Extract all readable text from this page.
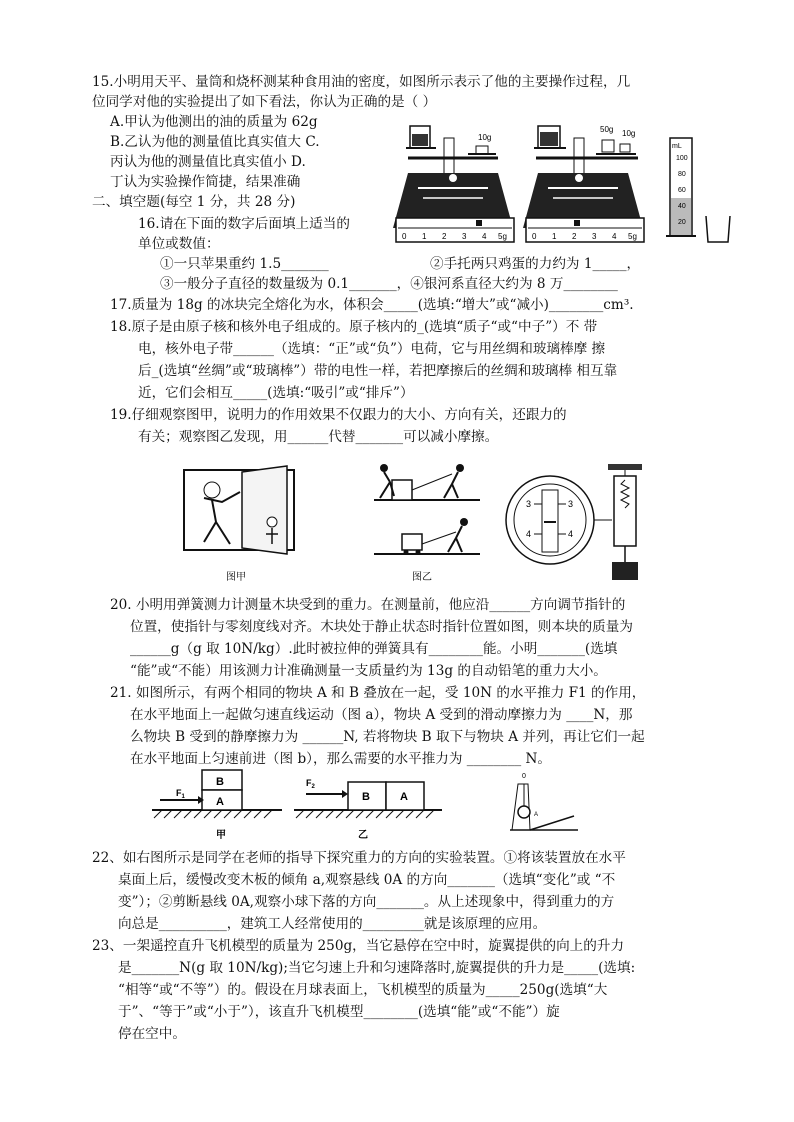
15.小明用天平、量筒和烧杯测某种食用油的密度，如图所示表示了他的主要操作过程，几
位同学对他的实验提出了如下看法，你认为正确的是（ ）
A.甲认为他测出的油的质量为 62g
B.乙认为他的测量值比真实值大 C.
丙认为他的测量值比真实值小 D.
丁认为实验操作简捷，结果准确
二、填空题(每空 1 分，共 28 分)
16.请在下面的数字后面填上适当的
单位或数值：
①一只苹果重约 1.5_______	②手托两只鸡蛋的力约为 1_____，
③一般分子直径的数量级为 0.1_______，④银河系直径大约为 8 万________
17.质量为 18g 的冰块完全熔化为水，体积会_____(选填:“增大”或“减小)________cm³.
18.原子是由原子核和核外电子组成的。原子核内的_(选填“质子“或“中子”）不 带
电，核外电子带______（选填：“正”或“负”）电荷，它与用丝绸和玻璃棒摩 擦
后_(选填“丝绸”或“玻璃棒”）带的电性一样，若把摩擦后的丝绸和玻璃棒 相互靠
近，它们会相互_____(选填:“吸引”或“排斥”）
19.仔细观察图甲，说明力的作用效果不仅跟力的大小、方向有关，还跟力的
有关；观察图乙发现，用______代替_______可以减小摩擦。
20. 小明用弹簧测力计测量木块受到的重力。在测量前，他应沿______方向调节指针的
位置，使指针与零刻度线对齐。木块处于静止状态时指针位置如图，则本块的质量为
______g（g 取 10N/kg）.此时被拉伸的弹簧具有________能。小明_______(选填
“能”或“不能）用该测力计准确测量一支质量约为 13g 的自动铅笔的重力大小。
21. 如图所示，有两个相同的物块 A 和 B 叠放在一起，受 10N 的水平推力 F1 的作用，
在水平地面上一起做匀速直线运动（图 a），物块 A 受到的滑动摩擦力为 ____N，那
么物块 B 受到的静摩擦力为 ______N, 若将物块 B 取下与物块 A 并列，再让它们一起
在水平地面上匀速前进（图 b），那么需要的水平推力为 ________ N。
22、如右图所示是同学在老师的指导下探究重力的方向的实验装置。①将该装置放在水平
桌面上后，缓慢改变木板的倾角 a,观察悬线 0A 的方向_______（选填“变化”或 “不
变”）；②剪断悬线 0A,观察小球下落的方向_______。从上述现象中，得到重力的方
向总是__________，建筑工人经常使用的_________就是该原理的应用。
23、一架遥控直升飞机模型的质量为 250g，当它悬停在空中时，旋翼提供的向上的升力
是_______N(g 取 10N/kg);当它匀速上升和匀速降落时,旋翼提供的升力是_____(选填:
“相等“或“不等”）的。假设在月球表面上，飞机模型的质量为_____250g(选填“大
于”、“等于”或“小于”），该直升飞机模型________(选填“能”或“不能”）旋
停在空中。
10g
50g 10g
0 1 2 3 4 5g	0 1 2 3 4 5g
mL
100
80
60
40
20
图甲	图乙
3
4
3
4
B
A
$F_1$
甲
B	A
$F_2$
乙
0
A
